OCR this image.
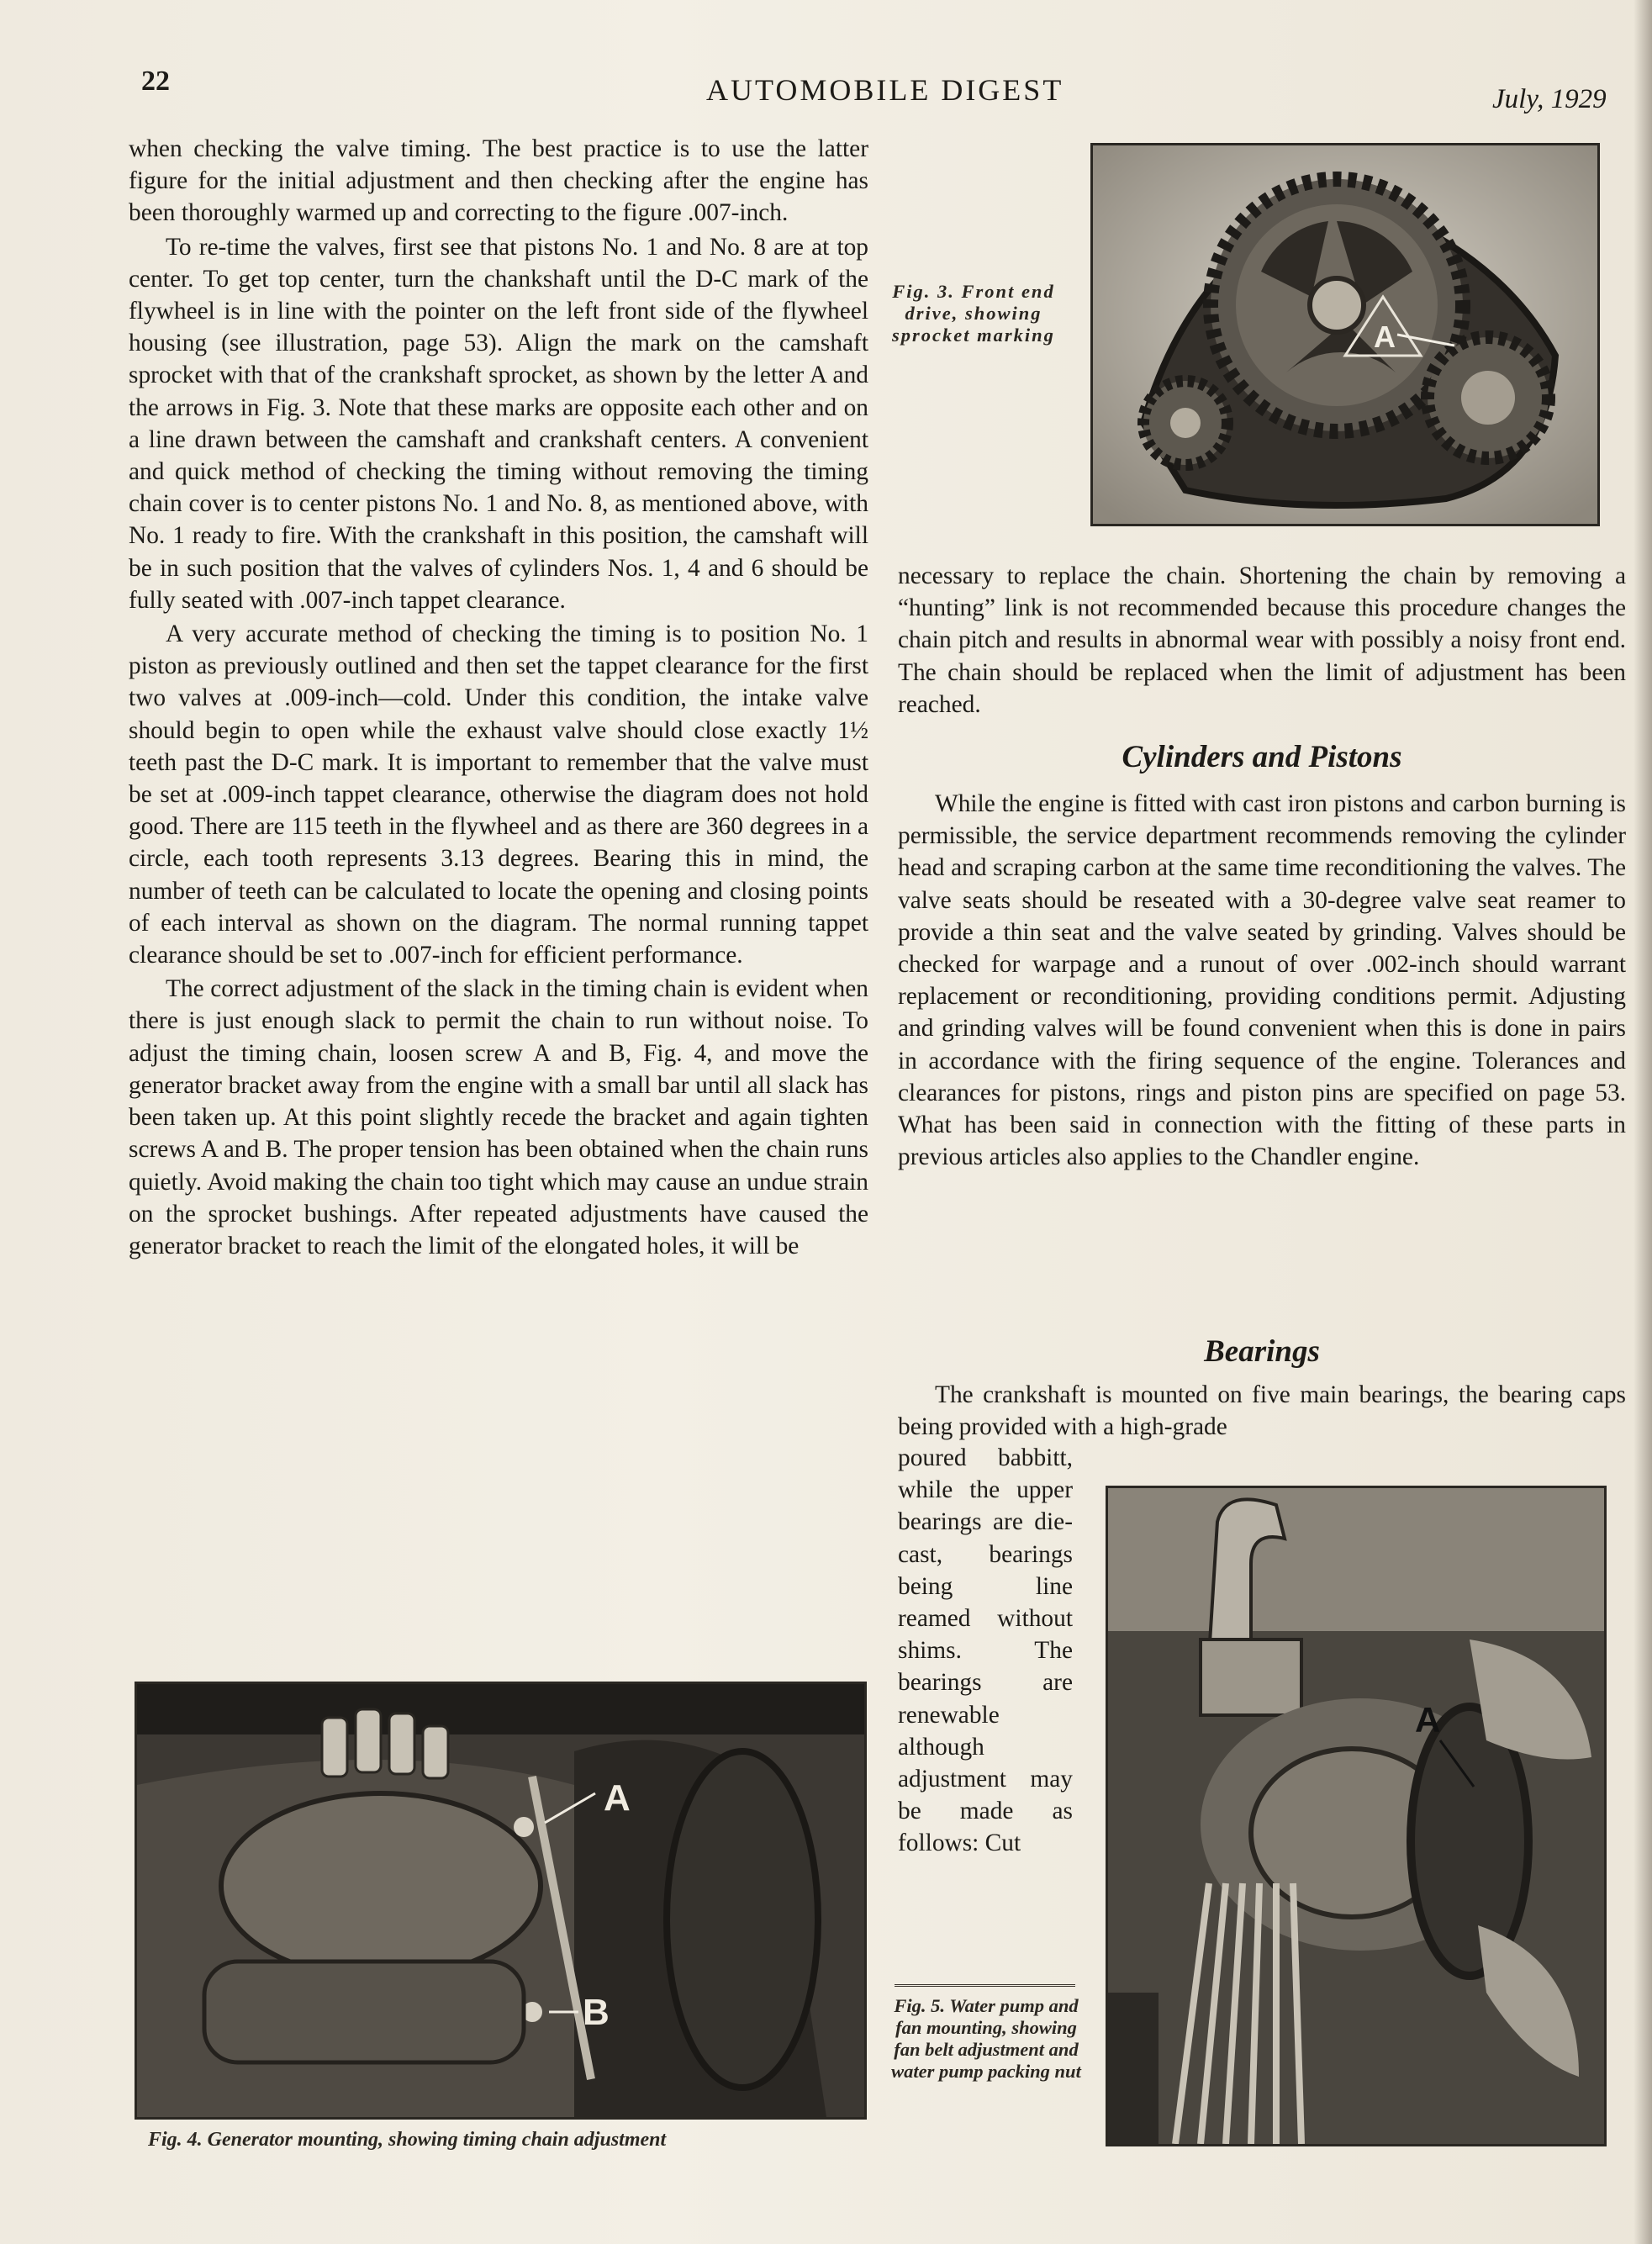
22	AUTOMOBILE DIGEST	July, 1929

when checking the valve timing. The best practice is to use the latter figure for the initial adjustment and then checking after the engine has been thoroughly warmed up and correcting to the figure .007-inch.

To re-time the valves, first see that pistons No. 1 and No. 8 are at top center. To get top center, turn the chankshaft until the D-C mark of the flywheel is in line with the pointer on the left front side of the flywheel housing (see illustration, page 53). Align the mark on the camshaft sprocket with that of the crankshaft sprocket, as shown by the letter A and the arrows in Fig. 3. Note that these marks are opposite each other and on a line drawn between the camshaft and crankshaft centers. A convenient and quick method of checking the timing without removing the timing chain cover is to center pistons No. 1 and No. 8, as mentioned above, with No. 1 ready to fire. With the crankshaft in this position, the camshaft will be in such position that the valves of cylinders Nos. 1, 4 and 6 should be fully seated with .007-inch tappet clearance.

A very accurate method of checking the timing is to position No. 1 piston as previously outlined and then set the tappet clearance for the first two valves at .009-inch—cold. Under this condition, the intake valve should begin to open while the exhaust valve should close exactly 1½ teeth past the D-C mark. It is important to remember that the valve must be set at .009-inch tappet clearance, otherwise the diagram does not hold good. There are 115 teeth in the flywheel and as there are 360 degrees in a circle, each tooth represents 3.13 degrees. Bearing this in mind, the number of teeth can be calculated to locate the opening and closing points of each interval as shown on the diagram. The normal running tappet clearance should be set to .007-inch for efficient performance.

The correct adjustment of the slack in the timing chain is evident when there is just enough slack to permit the chain to run without noise. To adjust the timing chain, loosen screw A and B, Fig. 4, and move the generator bracket away from the engine with a small bar until all slack has been taken up. At this point slightly recede the bracket and again tighten screws A and B. The proper tension has been obtained when the chain runs quietly. Avoid making the chain too tight which may cause an undue strain on the sprocket bushings. After repeated adjustments have caused the generator bracket to reach the limit of the elongated holes, it will be

A
Fig. 3. Front end drive, showing sprocket marking

necessary to replace the chain. Shortening the chain by removing a “hunting” link is not recommended because this procedure changes the chain pitch and results in abnormal wear with possibly a noisy front end. The chain should be replaced when the limit of adjustment has been reached.

Cylinders and Pistons

While the engine is fitted with cast iron pistons and carbon burning is permissible, the service department recommends removing the cylinder head and scraping carbon at the same time reconditioning the valves. The valve seats should be reseated with a 30-degree valve seat reamer to provide a thin seat and the valve seated by grinding. Valves should be checked for warpage and a runout of over .002-inch should warrant replacement or reconditioning, providing conditions permit. Adjusting and grinding valves will be found convenient when this is done in pairs in accordance with the firing sequence of the engine. Tolerances and clearances for pistons, rings and piston pins are specified on page 53. What has been said in connection with the fitting of these parts in previous articles also applies to the Chandler engine.

Bearings

The crankshaft is mounted on five main bearings, the bearing caps being provided with a high-grade

poured babbitt, while the upper bearings are die-cast, bearings being line reamed without shims. The bearings are renewable although adjustment may be made as follows: Cut
A
Fig. 5. Water pump and fan mounting, showing fan belt adjustment and water pump packing nut
A
B
Fig. 4. Generator mounting, showing timing chain adjustment
